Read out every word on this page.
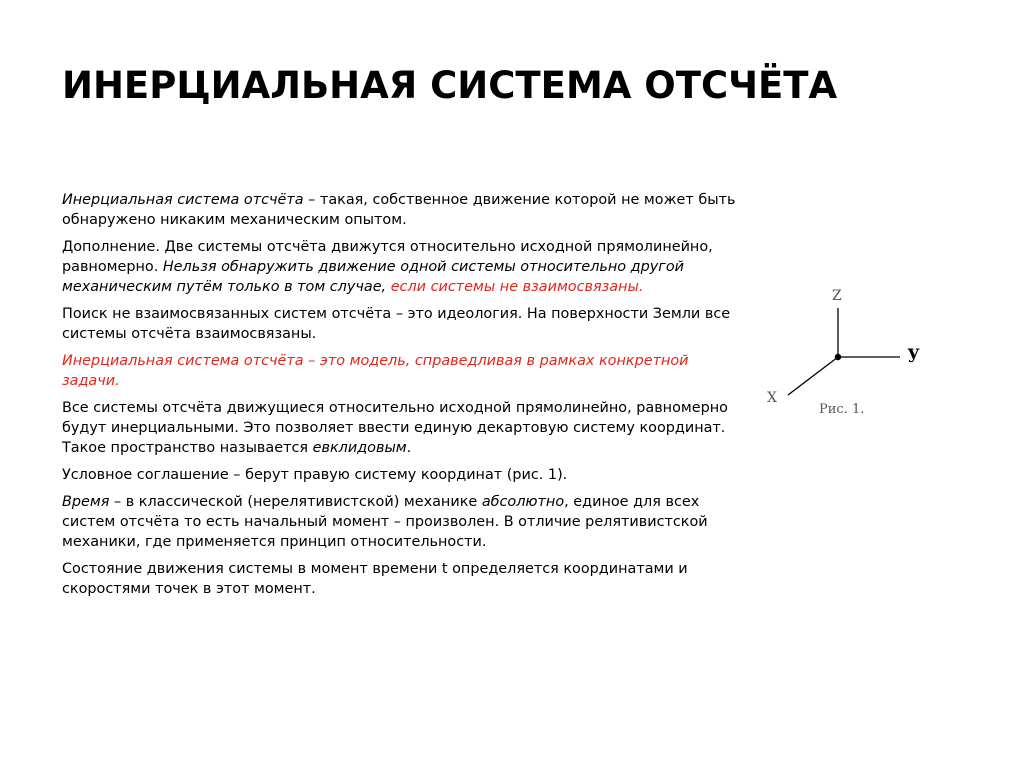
ИНЕРЦИАЛЬНАЯ СИСТЕМА ОТСЧЁТА

Инерциальная система отсчёта – такая, собственное движение которой не может быть обнаружено никаким механическим опытом.

Дополнение. Две системы отсчёта движутся относительно исходной прямолинейно, равномерно. Нельзя обнаружить движение одной системы относительно другой механическим путём только в том случае, если системы не взаимосвязаны.

Поиск не взаимосвязанных систем отсчёта – это идеология. На поверхности Земли все системы отсчёта взаимосвязаны.

Инерциальная система отсчёта – это модель, справедливая в рамках конкретной задачи.

Все системы отсчёта движущиеся относительно исходной прямолинейно, равномерно будут инерциальными. Это позволяет ввести единую декартовую систему координат. Такое пространство называется евклидовым.

Условное соглашение – берут правую систему координат (рис. 1).

Время – в классической (нерелятивистской) механике абсолютно, единое для всех систем отсчёта то есть начальный момент – произволен. В отличие релятивистской механики, где применяется принцип относительности.

Состояние движения системы в момент времени t определяется координатами и скоростями точек в этот момент.

Z
y
X
Рис. 1.
